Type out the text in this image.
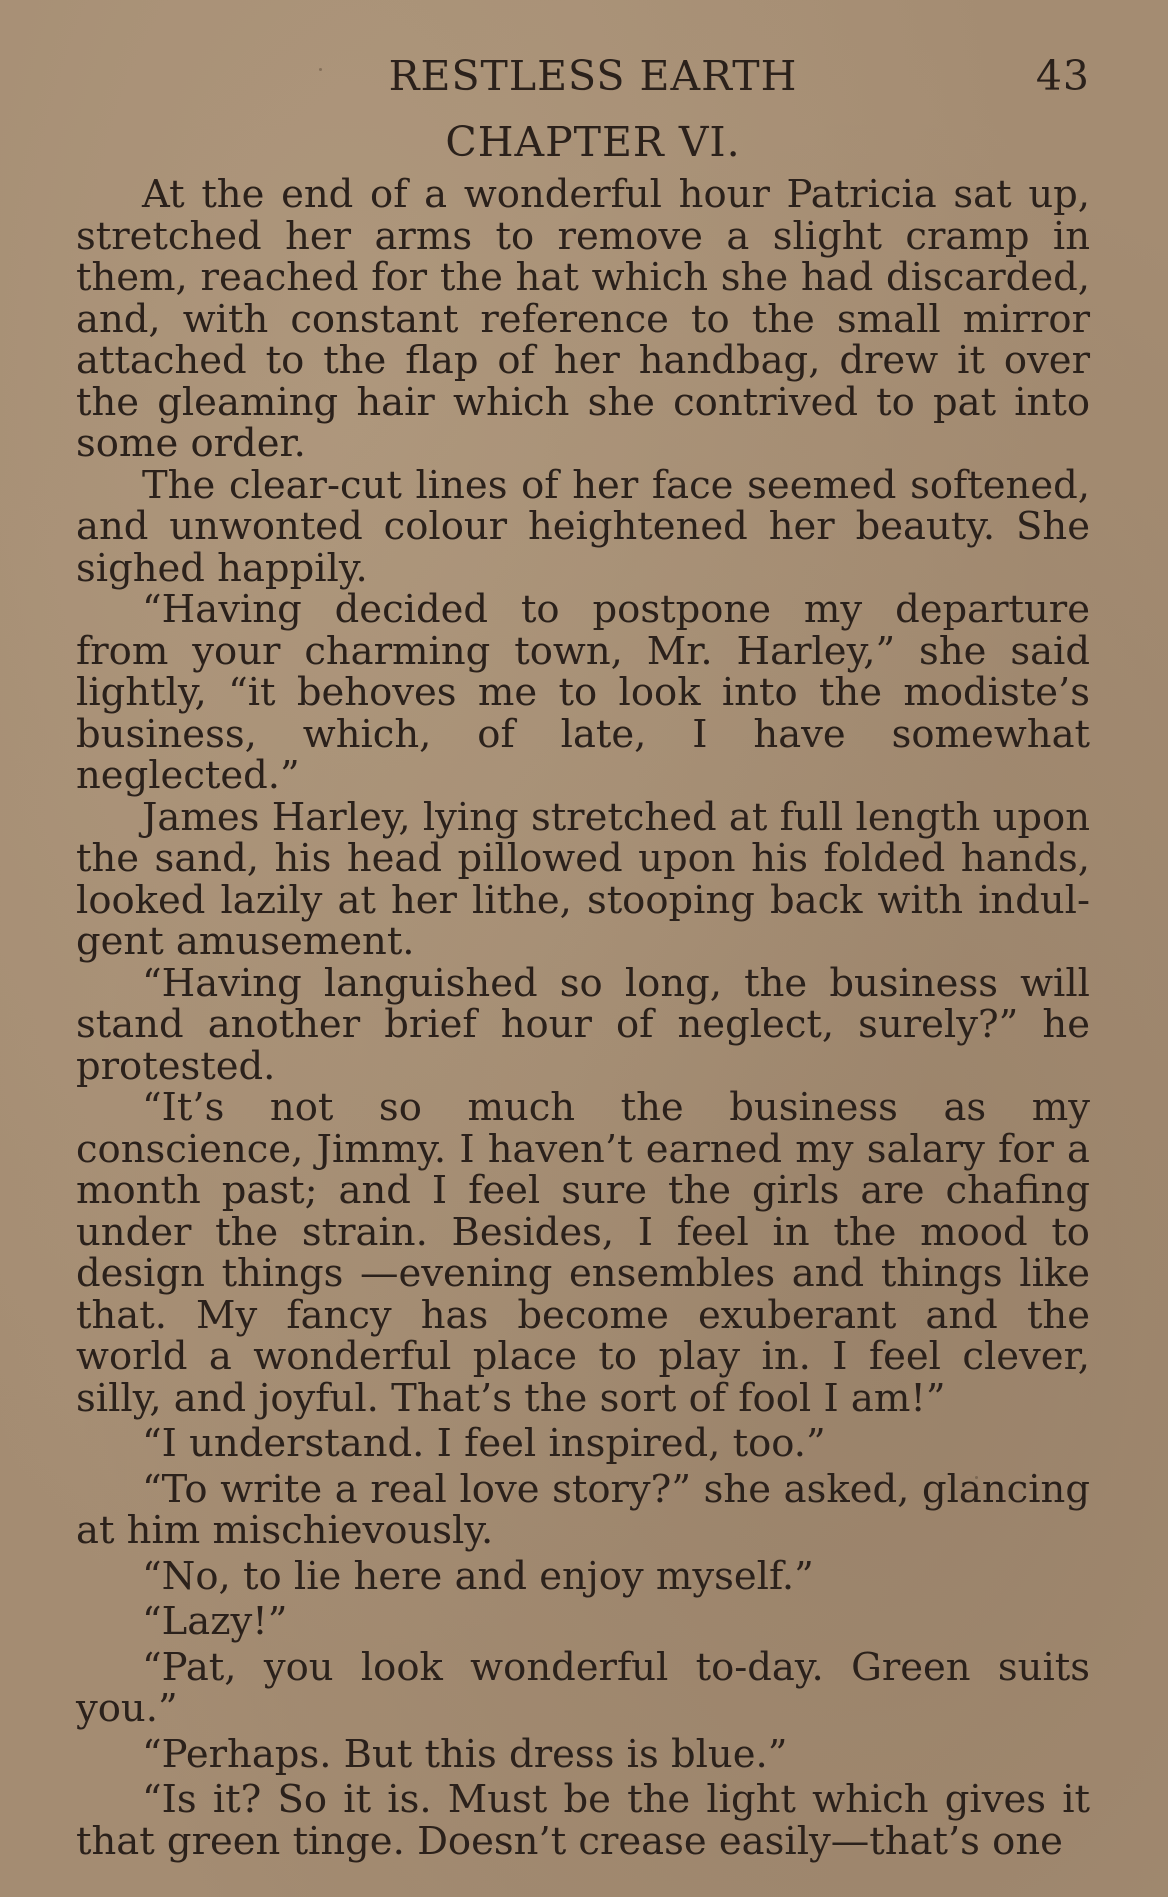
RESTLESS EARTH	43
CHAPTER VI.

At the end of a wonderful hour Patricia sat up, stretched her arms to remove a slight cramp in them, reached for the hat which she had discarded, and, with constant reference to the small mirror attached to the flap of her handbag, drew it over the gleaming hair which she contrived to pat into some order.

The clear-cut lines of her face seemed softened, and unwonted colour heightened her beauty. She sighed happily.

“Having decided to postpone my departure from your charming town, Mr. Harley,” she said lightly, “it behoves me to look into the modiste’s business, which, of late, I have somewhat neglected.”

James Harley, lying stretched at full length upon the sand, his head pillowed upon his folded hands, looked lazily at her lithe, stooping back with indul-gent amusement.

“Having languished so long, the business will stand another brief hour of neglect, surely?” he protested.

“It’s not so much the business as my conscience, Jimmy. I haven’t earned my salary for a month past; and I feel sure the girls are chafing under the strain. Besides, I feel in the mood to design things —evening ensembles and things like that. My fancy has become exuberant and the world a wonderful place to play in. I feel clever, silly, and joyful. That’s the sort of fool I am!”

“I understand. I feel inspired, too.”

“To write a real love story?” she asked, glancing at him mischievously.

“No, to lie here and enjoy myself.”

“Lazy!”

“Pat, you look wonderful to-day. Green suits you.”

“Perhaps. But this dress is blue.”

“Is it? So it is. Must be the light which gives it that green tinge. Doesn’t crease easily—that’s one
